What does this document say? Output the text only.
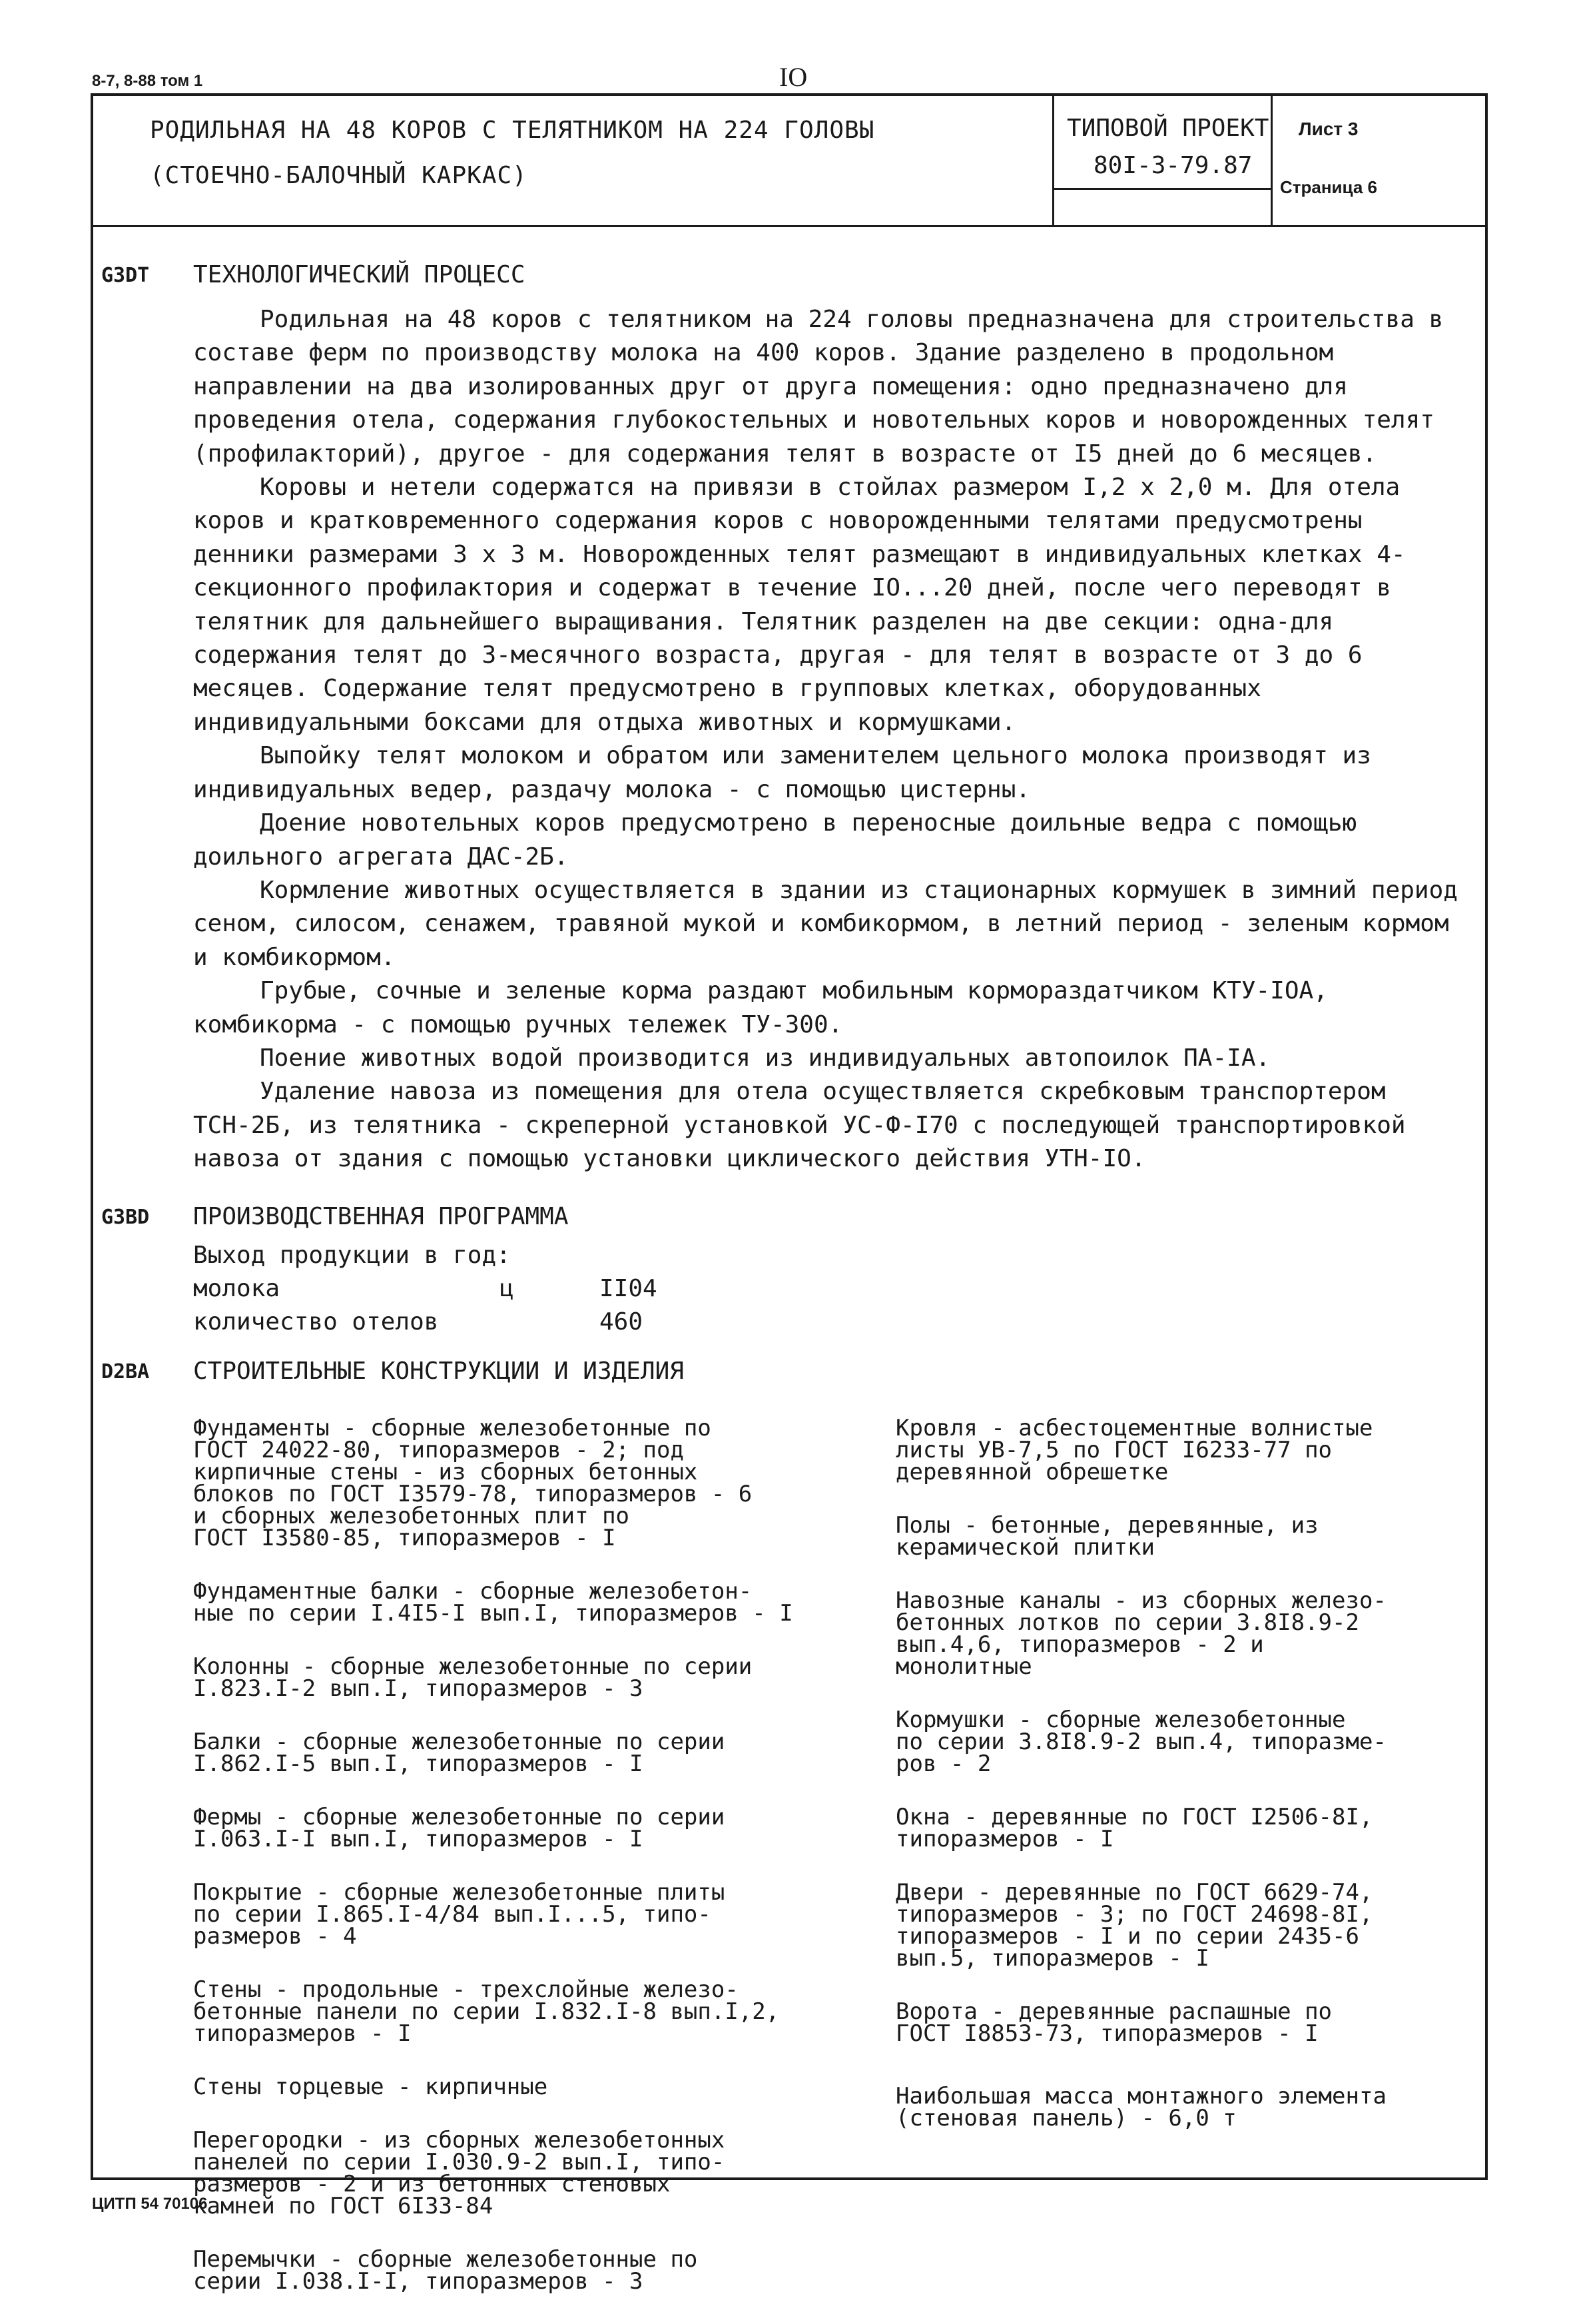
8-7, 8-88 том 1	IO
РОДИЛЬНАЯ НА 48 КОРОВ С ТЕЛЯТНИКОМ НА 224 ГОЛОВЫ
(СТОЕЧНО-БАЛОЧНЫЙ КАРКАС)
ТИПОВОЙ ПРОЕКТ
80I-3-79.87
Лист 3
Страница 6
G3DT ТЕХНОЛОГИЧЕСКИЙ ПРОЦЕСС

Родильная на 48 коров с телятником на 224 головы предназначена для строительства в составе ферм по производству молока на 400 коров. Здание разделено в продольном направлении на два изолированных друг от друга помещения: одно предназначено для проведения отела, содержания глубокостельных и новотельных коров и новорожденных телят (профилакторий), другое - для содержания телят в возрасте от I5 дней до 6 месяцев.

Коровы и нетели содержатся на привязи в стойлах размером I,2 х 2,0 м. Для отела коров и кратковременного содержания коров с новорожденными телятами предусмотрены денники размерами 3 х 3 м. Новорожденных телят размещают в индивидуальных клетках 4-секционного профилактория и содержат в течение IO...20 дней, после чего переводят в телятник для дальнейшего выращивания. Телятник разделен на две секции: одна-для содержания телят до 3-месячного возраста, другая - для телят в возрасте от 3 до 6 месяцев. Содержание телят предусмотрено в групповых клетках, оборудованных индивидуальными боксами для отдыха животных и кормушками.

Выпойку телят молоком и обратом или заменителем цельного молока производят из индивидуальных ведер, раздачу молока - с помощью цистерны.

Доение новотельных коров предусмотрено в переносные доильные ведра с помощью доильного агрегата ДАС-2Б.

Кормление животных осуществляется в здании из стационарных кормушек в зимний период сеном, силосом, сенажем, травяной мукой и комбикормом, в летний период - зеленым кормом и комбикормом.

Грубые, сочные и зеленые корма раздают мобильным кормораздатчиком КТУ-IOA, комбикорма - с помощью ручных тележек ТУ-300.

Поение животных водой производится из индивидуальных автопоилок ПА-IA.

Удаление навоза из помещения для отела осуществляется скребковым транспортером ТСН-2Б, из телятника - скреперной установкой УС-Ф-I70 с последующей транспортировкой навоза от здания с помощью установки циклического действия УТН-IO.

G3BD ПРОИЗВОДСТВЕННАЯ ПРОГРАММА
Выход продукции в год:
молока	ц	II04
количество отелов	460
D2BA СТРОИТЕЛЬНЫЕ КОНСТРУКЦИИ И ИЗДЕЛИЯ

Фундаменты - сборные железобетонные по
ГОСТ 24022-80, типоразмеров - 2; под
кирпичные стены - из сборных бетонных
блоков по ГОСТ I3579-78, типоразмеров - 6
и сборных железобетонных плит по
ГОСТ I3580-85, типоразмеров - I

Фундаментные балки - сборные железобетон-
ные по серии I.4I5-I вып.I, типоразмеров - I

Колонны - сборные железобетонные по серии
I.823.I-2 вып.I, типоразмеров - 3

Балки - сборные железобетонные по серии
I.862.I-5 вып.I, типоразмеров - I

Фермы - сборные железобетонные по серии
I.063.I-I вып.I, типоразмеров - I

Покрытие - сборные железобетонные плиты
по серии I.865.I-4/84 вып.I...5, типо-
размеров - 4

Стены - продольные - трехслойные железо-
бетонные панели по серии I.832.I-8 вып.I,2,
типоразмеров - I

Стены торцевые - кирпичные

Перегородки - из сборных железобетонных
панелей по серии I.030.9-2 вып.I, типо-
размеров - 2 и из бетонных стеновых
камней по ГОСТ 6I33-84

Перемычки - сборные железобетонные по
серии I.038.I-I, типоразмеров - 3

Кровля - асбестоцементные волнистые
листы УВ-7,5 по ГОСТ I6233-77 по
деревянной обрешетке

Полы - бетонные, деревянные, из
керамической плитки

Навозные каналы - из сборных железо-
бетонных лотков по серии 3.8I8.9-2
вып.4,6, типоразмеров - 2 и
монолитные

Кормушки - сборные железобетонные
по серии 3.8I8.9-2 вып.4, типоразме-
ров - 2

Окна - деревянные по ГОСТ I2506-8I,
типоразмеров - I

Двери - деревянные по ГОСТ 6629-74,
типоразмеров - 3; по ГОСТ 24698-8I,
типоразмеров - I и по серии 2435-6
вып.5, типоразмеров - I

Ворота - деревянные распашные по
ГОСТ I8853-73, типоразмеров - I

Наибольшая масса монтажного элемента
(стеновая панель) - 6,0 т

ЦИТП 54 70106
